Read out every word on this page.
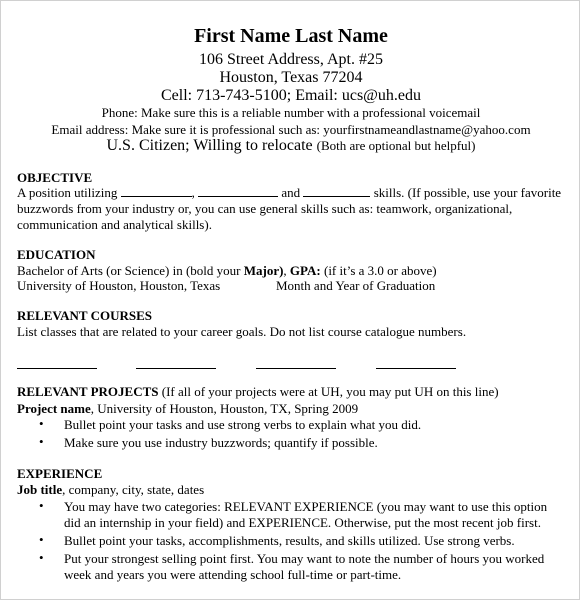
First Name Last Name
106 Street Address, Apt. #25
Houston, Texas 77204
Cell: 713-743-5100; Email: ucs@uh.edu
Phone: Make sure this is a reliable number with a professional voicemail
Email address: Make sure it is professional such as: yourfirstnameandlastname@yahoo.com
U.S. Citizen; Willing to relocate (Both are optional but helpful)
OBJECTIVE
A position utilizing	,	and	skills. (If possible, use your favorite
buzzwords from your industry or, you can use general skills such as: teamwork, organizational,
communication and analytical skills).
EDUCATION
Bachelor of Arts (or Science) in (bold your Major), GPA: (if it’s a 3.0 or above)
University of Houston, Houston, Texas	Month and Year of Graduation
RELEVANT COURSES
List classes that are related to your career goals. Do not list course catalogue numbers.
RELEVANT PROJECTS (If all of your projects were at UH, you may put UH on this line)
Project name, University of Houston, Houston, TX, Spring 2009
• Bullet point your tasks and use strong verbs to explain what you did.
• Make sure you use industry buzzwords; quantify if possible.
EXPERIENCE
Job title, company, city, state, dates
• You may have two categories: RELEVANT EXPERIENCE (you may want to use this option
did an internship in your field) and EXPERIENCE. Otherwise, put the most recent job first.
• Bullet point your tasks, accomplishments, results, and skills utilized. Use strong verbs.
• Put your strongest selling point first. You may want to note the number of hours you worked
week and years you were attending school full-time or part-time.
